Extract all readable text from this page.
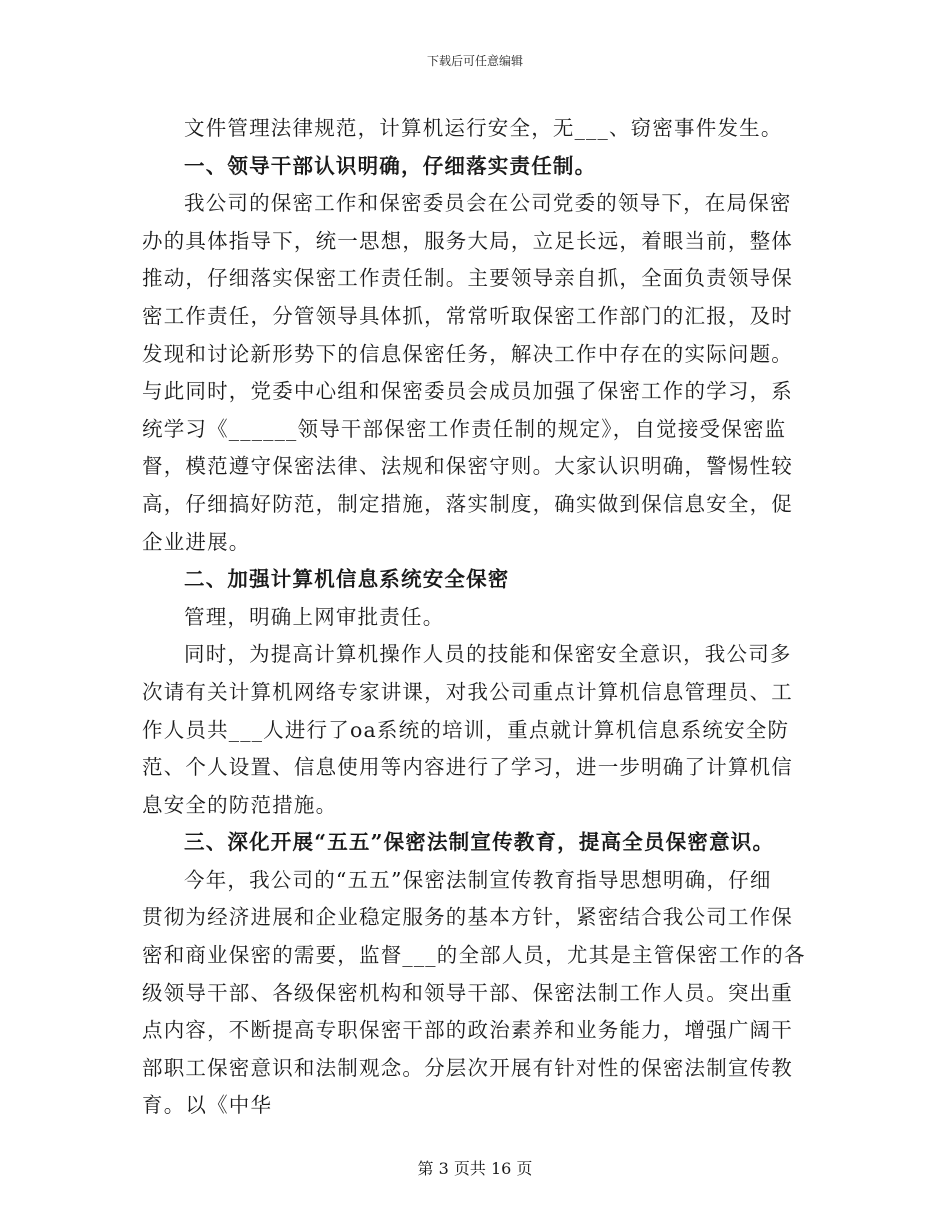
下载后可任意编辑
文件管理法律规范，计算机运行安全，无___、窃密事件发生。
一、领导干部认识明确，仔细落实责任制。
我公司的保密工作和保密委员会在公司党委的领导下，在局保密
办的具体指导下，统一思想，服务大局，立足长远，着眼当前，整体
推动，仔细落实保密工作责任制。主要领导亲自抓，全面负责领导保
密工作责任，分管领导具体抓，常常听取保密工作部门的汇报，及时
发现和讨论新形势下的信息保密任务，解决工作中存在的实际问题。
与此同时，党委中心组和保密委员会成员加强了保密工作的学习，系
统学习《______领导干部保密工作责任制的规定》，自觉接受保密监
督，模范遵守保密法律、法规和保密守则。大家认识明确，警惕性较
高，仔细搞好防范，制定措施，落实制度，确实做到保信息安全，促
企业进展。
二、加强计算机信息系统安全保密
管理，明确上网审批责任。
同时，为提高计算机操作人员的技能和保密安全意识，我公司多
次请有关计算机网络专家讲课，对我公司重点计算机信息管理员、工
作人员共___人进行了oa系统的培训，重点就计算机信息系统安全防
范、个人设置、信息使用等内容进行了学习，进一步明确了计算机信
息安全的防范措施。
三、深化开展“五五”保密法制宣传教育，提高全员保密意识。
今年，我公司的“五五”保密法制宣传教育指导思想明确，仔细
贯彻为经济进展和企业稳定服务的基本方针，紧密结合我公司工作保
密和商业保密的需要，监督___的全部人员，尤其是主管保密工作的各
级领导干部、各级保密机构和领导干部、保密法制工作人员。突出重
点内容，不断提高专职保密干部的政治素养和业务能力，增强广阔干
部职工保密意识和法制观念。分层次开展有针对性的保密法制宣传教
育。以《中华
第 3 页共 16 页
